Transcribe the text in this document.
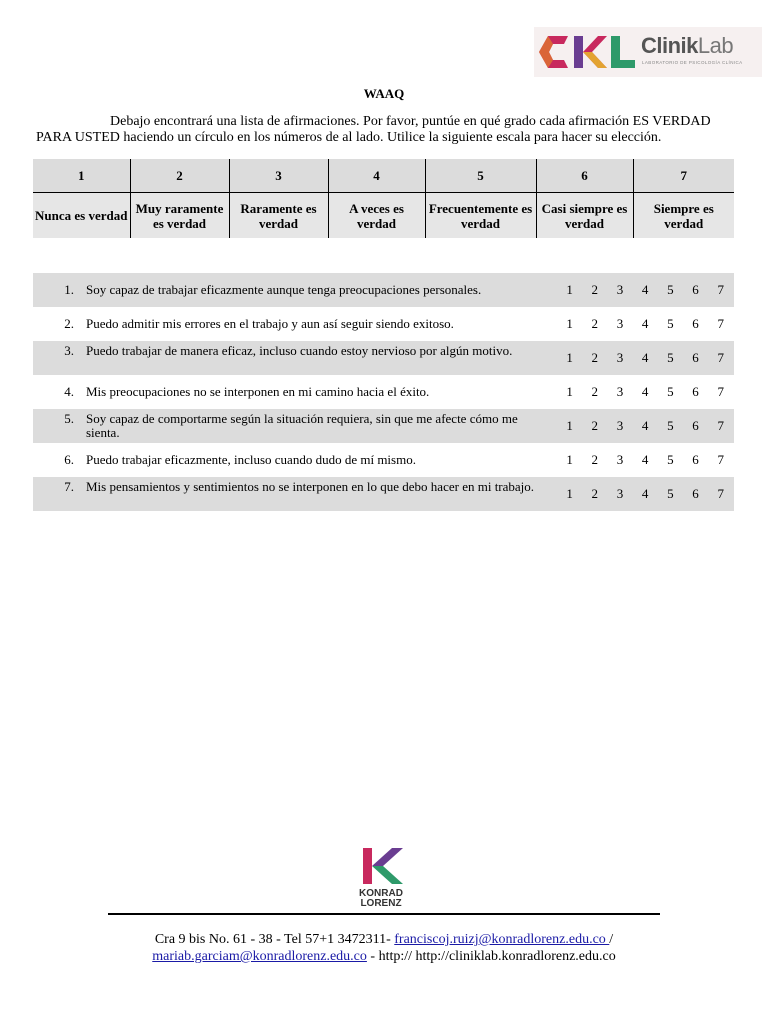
ClinikLab
LABORATORIO DE PSICOLOGÍA CLÍNICA
WAAQ
Debajo encontrará una lista de afirmaciones. Por favor, puntúe en qué grado cada afirmación ES VERDAD PARA USTED haciendo un círculo en los números de al lado. Utilice la siguiente escala para hacer su elección.
1	2	3	4	5	6	7
Nunca es verdad	Muy raramente es verdad	Raramente es verdad	A veces es verdad	Frecuentemente es verdad	Casi siempre es verdad	Siempre es verdad
1. Soy capaz de trabajar eficazmente aunque tenga preocupaciones personales.	1	2	3	4	5	6	7
2. Puedo admitir mis errores en el trabajo y aun así seguir siendo exitoso.	1	2	3	4	5	6	7
3. Puedo trabajar de manera eficaz, incluso cuando estoy nervioso por algún motivo.	1	2	3	4	5	6	7
4. Mis preocupaciones no se interponen en mi camino hacia el éxito.	1	2	3	4	5	6	7
5. Soy capaz de comportarme según la situación requiera, sin que me afecte cómo me sienta.	1	2	3	4	5	6	7
6. Puedo trabajar eficazmente, incluso cuando dudo de mí mismo.	1	2	3	4	5	6	7
7. Mis pensamientos y sentimientos no se interponen en lo que debo hacer en mi trabajo.	1	2	3	4	5	6	7
KONRAD
LORENZ
Cra 9 bis No. 61 - 38 - Tel 57+1 3472311- franciscoj.ruizj@konradlorenz.edu.co /
mariab.garciam@konradlorenz.edu.co - http:// http://cliniklab.konradlorenz.edu.co
